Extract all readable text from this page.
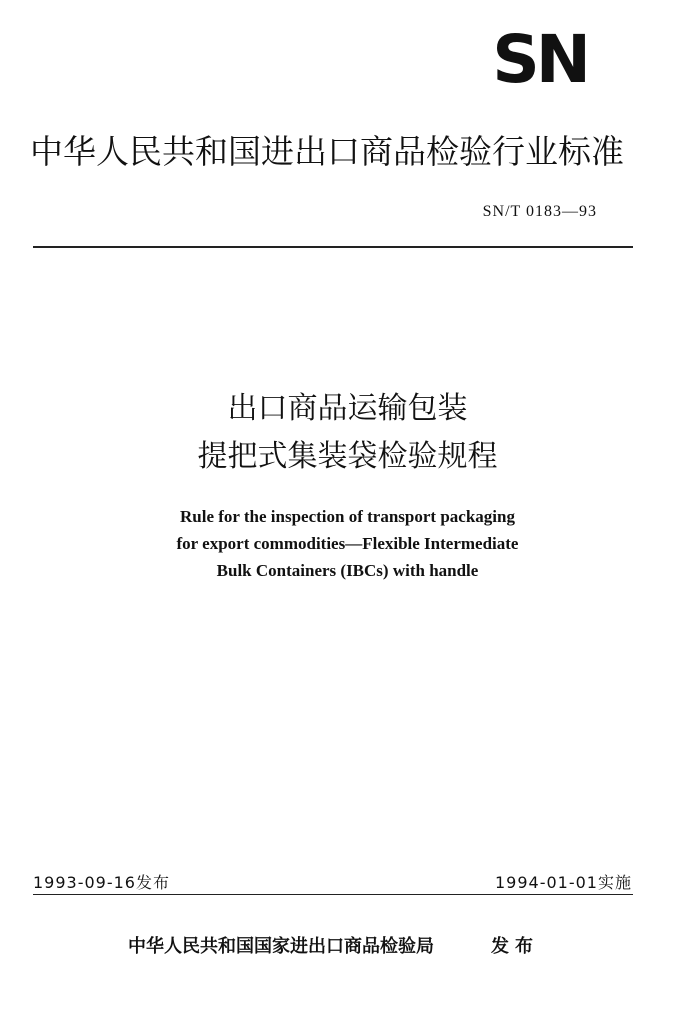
SN
中华人民共和国进出口商品检验行业标准
SN/T 0183—93
出口商品运输包装
提把式集装袋检验规程
Rule for the inspection of transport packaging
for export commodities—Flexible Intermediate
Bulk Containers (IBCs) with handle
1993-09-16发布	1994-01-01实施
中华人民共和国国家进出口商品检验局	发布
